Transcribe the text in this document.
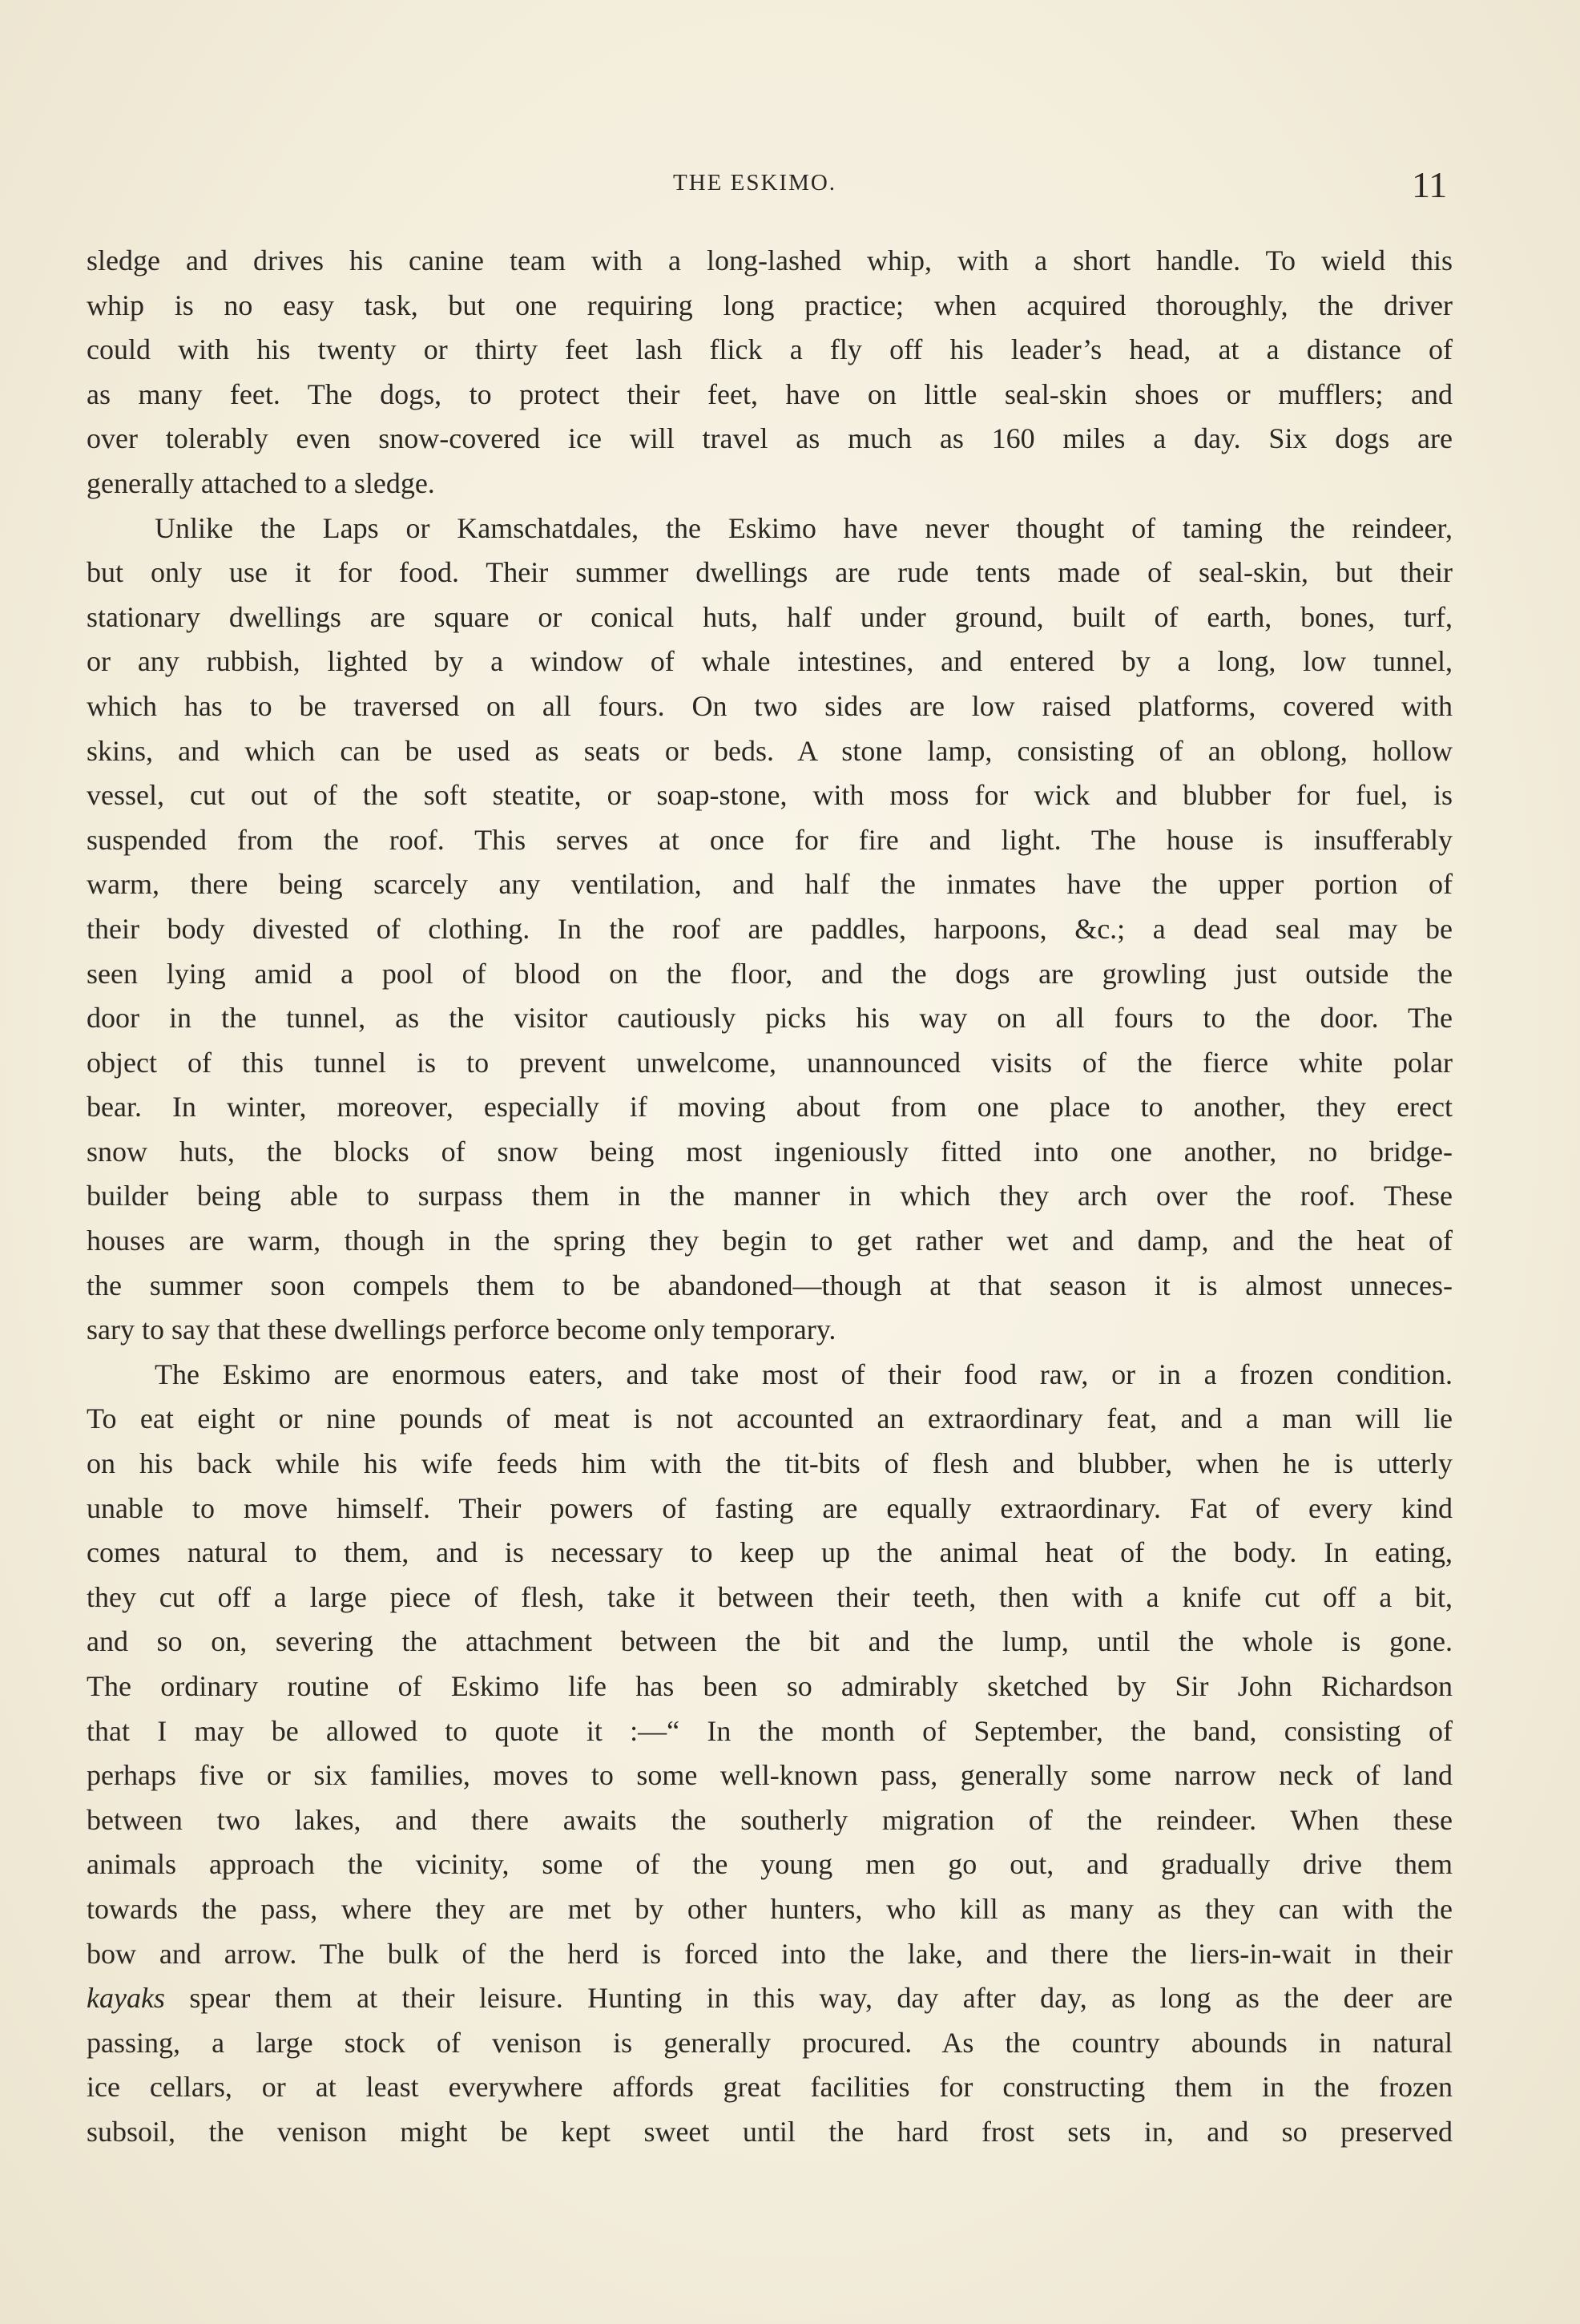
THE ESKIMO.	11
sledge and drives his canine team with a long-lashed whip, with a short handle. To wield this
whip is no easy task, but one requiring long practice; when acquired thoroughly, the driver
could with his twenty or thirty feet lash flick a fly off his leader’s head, at a distance of
as many feet. The dogs, to protect their feet, have on little seal-skin shoes or mufflers; and
over tolerably even snow-covered ice will travel as much as 160 miles a day. Six dogs are
generally attached to a sledge.
Unlike the Laps or Kamschatdales, the Eskimo have never thought of taming the reindeer,
but only use it for food. Their summer dwellings are rude tents made of seal-skin, but their
stationary dwellings are square or conical huts, half under ground, built of earth, bones, turf,
or any rubbish, lighted by a window of whale intestines, and entered by a long, low tunnel,
which has to be traversed on all fours. On two sides are low raised platforms, covered with
skins, and which can be used as seats or beds. A stone lamp, consisting of an oblong, hollow
vessel, cut out of the soft steatite, or soap-stone, with moss for wick and blubber for fuel, is
suspended from the roof. This serves at once for fire and light. The house is insufferably
warm, there being scarcely any ventilation, and half the inmates have the upper portion of
their body divested of clothing. In the roof are paddles, harpoons, &c.; a dead seal may be
seen lying amid a pool of blood on the floor, and the dogs are growling just outside the
door in the tunnel, as the visitor cautiously picks his way on all fours to the door. The
object of this tunnel is to prevent unwelcome, unannounced visits of the fierce white polar
bear. In winter, moreover, especially if moving about from one place to another, they erect
snow huts, the blocks of snow being most ingeniously fitted into one another, no bridge-
builder being able to surpass them in the manner in which they arch over the roof. These
houses are warm, though in the spring they begin to get rather wet and damp, and the heat of
the summer soon compels them to be abandoned—though at that season it is almost unneces-
sary to say that these dwellings perforce become only temporary.
The Eskimo are enormous eaters, and take most of their food raw, or in a frozen condition.
To eat eight or nine pounds of meat is not accounted an extraordinary feat, and a man will lie
on his back while his wife feeds him with the tit-bits of flesh and blubber, when he is utterly
unable to move himself. Their powers of fasting are equally extraordinary. Fat of every kind
comes natural to them, and is necessary to keep up the animal heat of the body. In eating,
they cut off a large piece of flesh, take it between their teeth, then with a knife cut off a bit,
and so on, severing the attachment between the bit and the lump, until the whole is gone.
The ordinary routine of Eskimo life has been so admirably sketched by Sir John Richardson
that I may be allowed to quote it :—“ In the month of September, the band, consisting of
perhaps five or six families, moves to some well-known pass, generally some narrow neck of land
between two lakes, and there awaits the southerly migration of the reindeer. When these
animals approach the vicinity, some of the young men go out, and gradually drive them
towards the pass, where they are met by other hunters, who kill as many as they can with the
bow and arrow. The bulk of the herd is forced into the lake, and there the liers-in-wait in their
kayaks spear them at their leisure. Hunting in this way, day after day, as long as the deer are
passing, a large stock of venison is generally procured. As the country abounds in natural
ice cellars, or at least everywhere affords great facilities for constructing them in the frozen
subsoil, the venison might be kept sweet until the hard frost sets in, and so preserved
